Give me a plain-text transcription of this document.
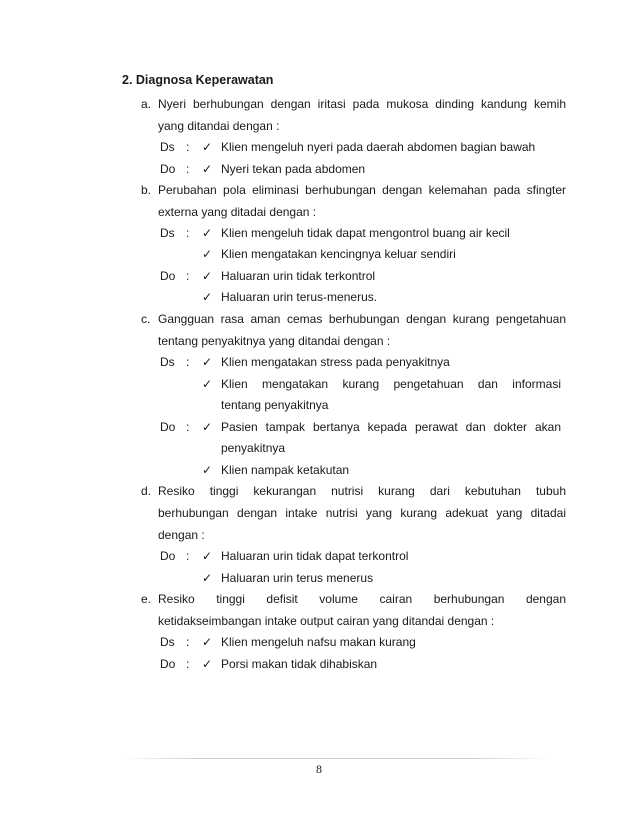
2. Diagnosa Keperawatan
a. Nyeri berhubungan dengan iritasi pada mukosa dinding kandung kemih
yang ditandai dengan :
Ds : ✓ Klien mengeluh nyeri pada daerah abdomen bagian bawah
Do : ✓ Nyeri tekan pada abdomen
b. Perubahan pola eliminasi berhubungan dengan kelemahan pada sfingter
externa yang ditadai dengan :
Ds : ✓ Klien mengeluh tidak dapat mengontrol buang air kecil
✓ Klien mengatakan kencingnya keluar sendiri
Do : ✓ Haluaran urin tidak terkontrol
✓ Haluaran urin terus-menerus.
c. Gangguan rasa aman cemas berhubungan dengan kurang pengetahuan
tentang penyakitnya yang ditandai dengan :
Ds : ✓ Klien mengatakan stress pada penyakitnya
✓ Klien mengatakan kurang pengetahuan dan informasi
tentang penyakitnya
Do : ✓ Pasien tampak bertanya kepada perawat dan dokter akan
penyakitnya
✓ Klien nampak ketakutan
d. Resiko tinggi kekurangan nutrisi kurang dari kebutuhan tubuh
berhubungan dengan intake nutrisi yang kurang adekuat yang ditadai
dengan :
Do : ✓ Haluaran urin tidak dapat terkontrol
✓ Haluaran urin terus menerus
e. Resiko tinggi defisit volume cairan berhubungan dengan
ketidakseimbangan intake output cairan yang ditandai dengan :
Ds : ✓ Klien mengeluh nafsu makan kurang
Do : ✓ Porsi makan tidak dihabiskan
8
